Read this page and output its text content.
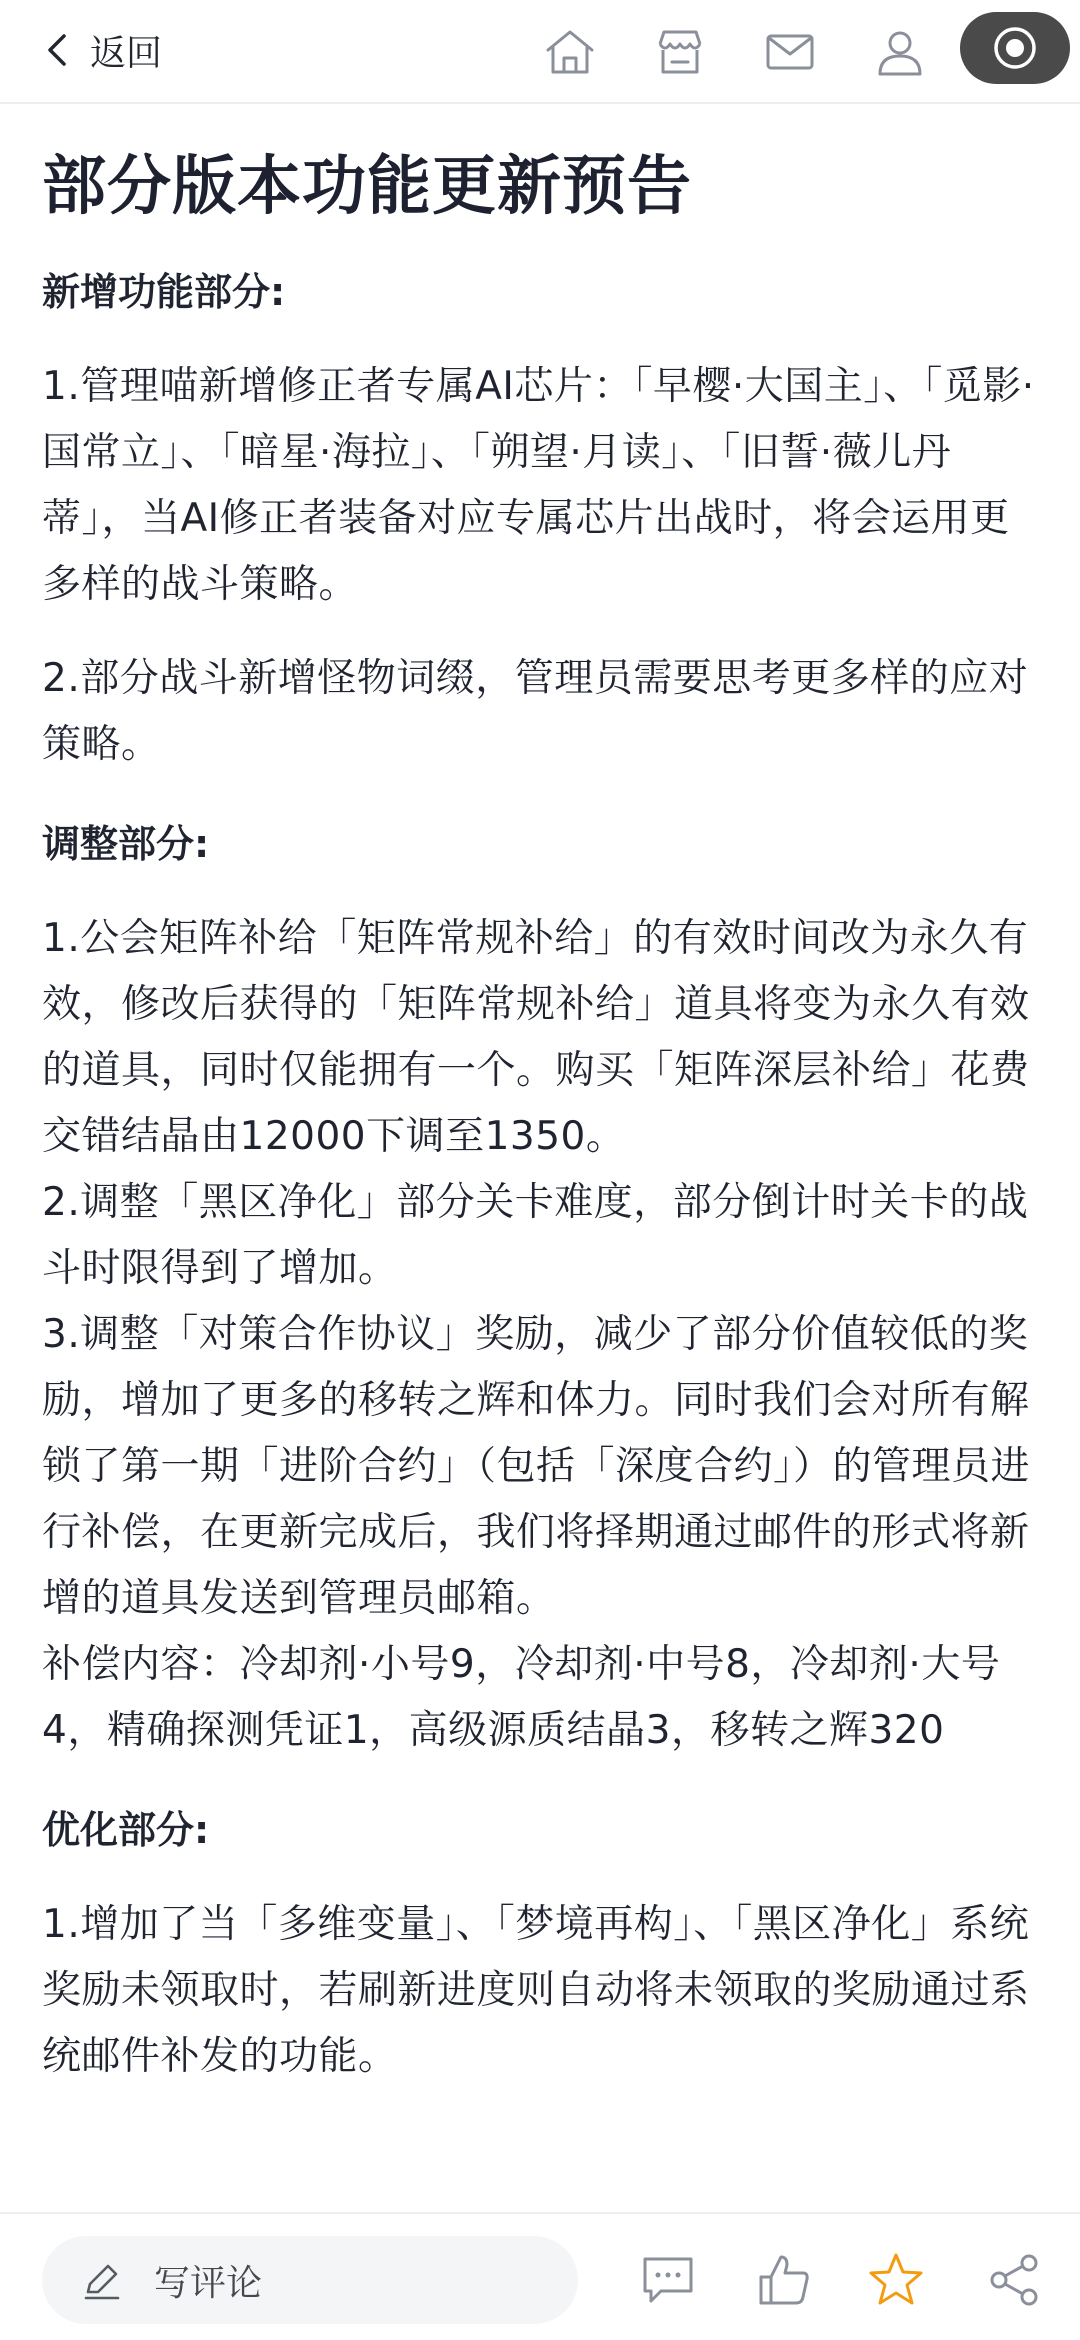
返回
部分版本功能更新预告
新增功能部分:
1.管理喵新增修正者专属AI芯片：「早樱·大国主」、「觅影·国常立」、「暗星·海拉」、「朔望·月读」、「旧誓·薇儿丹蒂」，当AI修正者装备对应专属芯片出战时，将会运用更多样的战斗策略。
2.部分战斗新增怪物词缀，管理员需要思考更多样的应对策略。
调整部分:
1.公会矩阵补给「矩阵常规补给」的有效时间改为永久有效，修改后获得的「矩阵常规补给」道具将变为永久有效的道具，同时仅能拥有一个。购买「矩阵深层补给」花费交错结晶由12000下调至1350。
2.调整「黑区净化」部分关卡难度，部分倒计时关卡的战斗时限得到了增加。
3.调整「对策合作协议」奖励，减少了部分价值较低的奖励，增加了更多的移转之辉和体力。同时我们会对所有解锁了第一期「进阶合约」（包括「深度合约」）的管理员进行补偿，在更新完成后，我们将择期通过邮件的形式将新增的道具发送到管理员邮箱。
补偿内容：冷却剂·小号9，冷却剂·中号8，冷却剂·大号4，精确探测凭证1，高级源质结晶3，移转之辉320
优化部分:
1.增加了当「多维变量」、「梦境再构」、「黑区净化」系统奖励未领取时，若刷新进度则自动将未领取的奖励通过系统邮件补发的功能。
写评论
